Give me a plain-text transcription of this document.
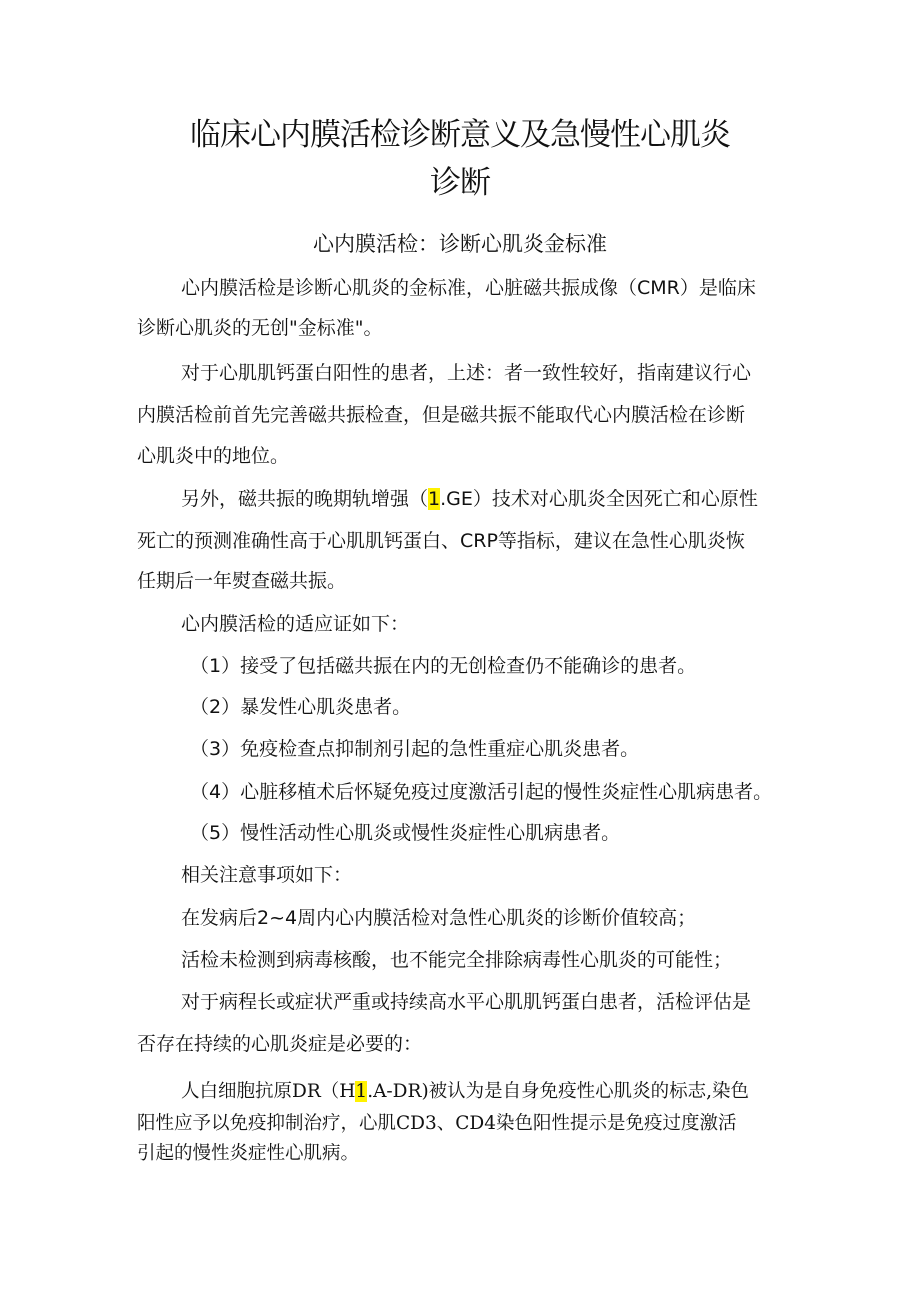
临床心内膜活检诊断意义及急慢性心肌炎
诊断
心内膜活检：诊断心肌炎金标准
心内膜活检是诊断心肌炎的金标准，心脏磁共振成像（CMR）是临床
诊断心肌炎的无创"金标准"。
对于心肌肌钙蛋白阳性的患者，上述：者一致性较好，指南建议行心
内膜活检前首先完善磁共振检查，但是磁共振不能取代心内膜活检在诊断
心肌炎中的地位。
另外，磁共振的晚期轨增强（1.GE）技术对心肌炎全因死亡和心原性
死亡的预测准确性高于心肌肌钙蛋白、CRP等指标，建议在急性心肌炎恢
任期后一年熨查磁共振。
心内膜活检的适应证如下：
（1）接受了包括磁共振在内的无创检查仍不能确诊的患者。
（2）暴发性心肌炎患者。
（3）免疫检查点抑制剂引起的急性重症心肌炎患者。
（4）心脏移植术后怀疑免疫过度激活引起的慢性炎症性心肌病患者。
（5）慢性活动性心肌炎或慢性炎症性心肌病患者。
相关注意事项如下：
在发病后2~4周内心内膜活检对急性心肌炎的诊断价值较高；
活检未检测到病毒核酸，也不能完全排除病毒性心肌炎的可能性；
对于病程长或症状严重或持续高水平心肌肌钙蛋白患者，活检评估是
否存在持续的心肌炎症是必要的：
人白细胞抗原DR（H1.A-DR)被认为是自身免疫性心肌炎的标志,染色
阳性应予以免疫抑制治疗，心肌CD3、CD4染色阳性提示是免疫过度激活
引起的慢性炎症性心肌病。
